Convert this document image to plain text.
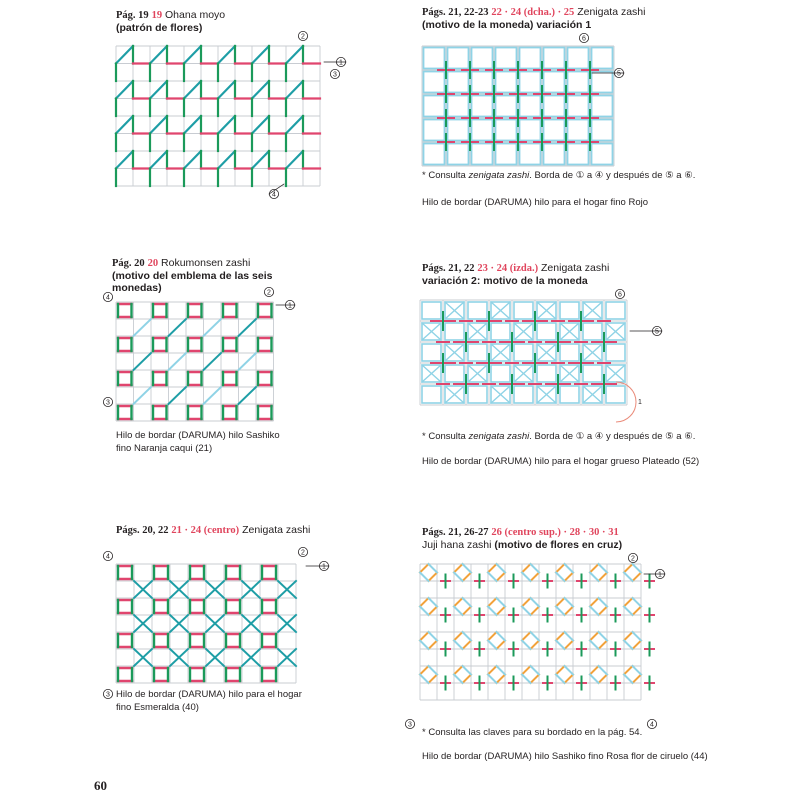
Pág. 19 19 Ohana moyo
(patrón de flores)
2
1
3
4
Pág. 20 20 Rokumonsen zashi
(motivo del emblema de las seis
monedas)
4
2
1
3
Hilo de bordar (DARUMA) hilo Sashiko
fino Naranja caqui (21)
Págs. 20, 22 21 · 24 (centro) Zenigata zashi
4
2
1
3 Hilo de bordar (DARUMA) hilo para el hogar
fino Esmeralda (40)
Págs. 21, 22-23 22 · 24 (dcha.) · 25 Zenigata zashi
(motivo de la moneda) variación 1
6
5
* Consulta zenigata zashi. Borda de ① a ④ y después de ⑤ a ⑥.
Hilo de bordar (DARUMA) hilo para el hogar fino Rojo
Págs. 21, 22 23 · 24 (izda.) Zenigata zashi
variación 2: motivo de la moneda
6
5
1
* Consulta zenigata zashi. Borda de ① a ④ y después de ⑤ a ⑥.
Hilo de bordar (DARUMA) hilo para el hogar grueso Plateado (52)
Págs. 21, 26-27 26 (centro sup.) · 28 · 30 · 31
Juji hana zashi (motivo de flores en cruz)
2
1
3	4
* Consulta las claves para su bordado en la pág. 54.
Hilo de bordar (DARUMA) hilo Sashiko fino Rosa flor de ciruelo (44)
60
